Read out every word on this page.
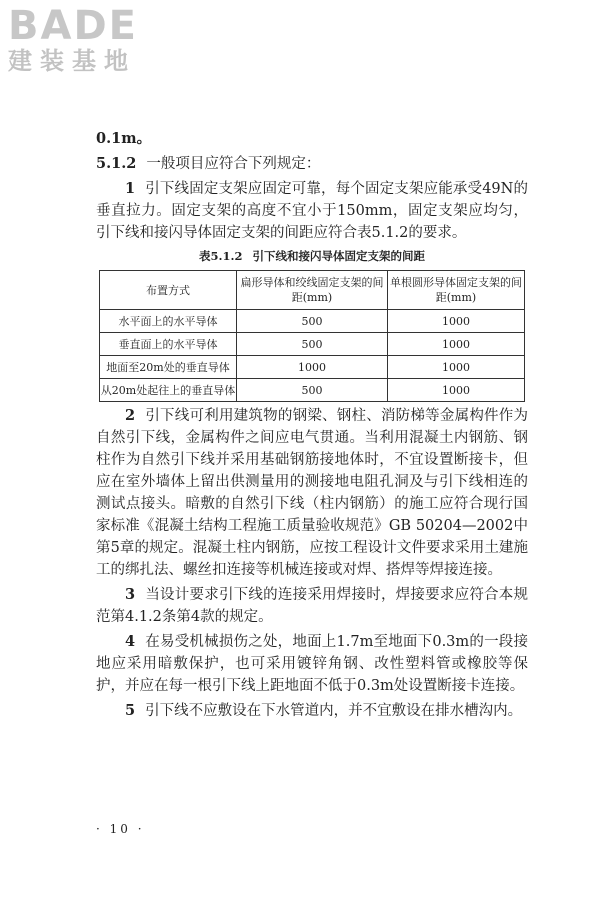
BADE
建装基地

0.1m。

5.1.2 一般项目应符合下列规定：

1 引下线固定支架应固定可靠，每个固定支架应能承受49N的垂直拉力。固定支架的高度不宜小于150mm，固定支架应均匀，引下线和接闪导体固定支架的间距应符合表5.1.2的要求。

表5.1.2 引下线和接闪导体固定支架的间距
布置方式	扁形导体和绞线固定支架的间距(mm)	单根圆形导体固定支架的间距(mm)
水平面上的水平导体	500	1000
垂直面上的水平导体	500	1000
地面至20m处的垂直导体	1000	1000
从20m处起往上的垂直导体	500	1000

2 引下线可利用建筑物的钢梁、钢柱、消防梯等金属构件作为自然引下线，金属构件之间应电气贯通。当利用混凝土内钢筋、钢柱作为自然引下线并采用基础钢筋接地体时，不宜设置断接卡，但应在室外墙体上留出供测量用的测接地电阻孔洞及与引下线相连的测试点接头。暗敷的自然引下线（柱内钢筋）的施工应符合现行国家标准《混凝土结构工程施工质量验收规范》GB 50204—2002中第5章的规定。混凝土柱内钢筋，应按工程设计文件要求采用土建施工的绑扎法、螺丝扣连接等机械连接或对焊、搭焊等焊接连接。

3 当设计要求引下线的连接采用焊接时，焊接要求应符合本规范第4.1.2条第4款的规定。

4 在易受机械损伤之处，地面上1.7m至地面下0.3m的一段接地应采用暗敷保护，也可采用镀锌角钢、改性塑料管或橡胶等保护，并应在每一根引下线上距地面不低于0.3m处设置断接卡连接。

5 引下线不应敷设在下水管道内，并不宜敷设在排水槽沟内。

· 10 ·
